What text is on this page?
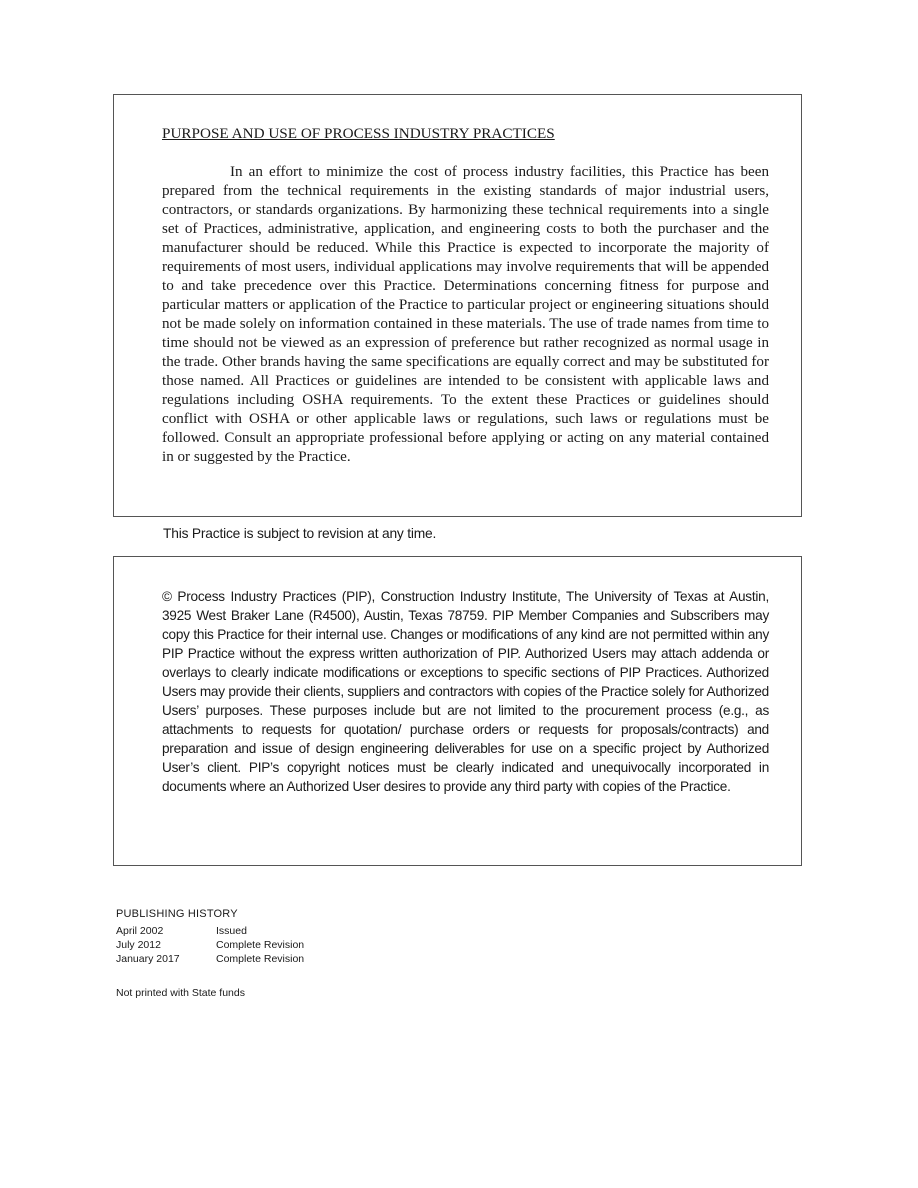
PURPOSE AND USE OF PROCESS INDUSTRY PRACTICES

In an effort to minimize the cost of process industry facilities, this Practice has been prepared from the technical requirements in the existing standards of major industrial users, contractors, or standards organizations. By harmonizing these technical requirements into a single set of Practices, administrative, application, and engineering costs to both the purchaser and the manufacturer should be reduced. While this Practice is expected to incorporate the majority of requirements of most users, individual applications may involve requirements that will be appended to and take precedence over this Practice. Determinations concerning fitness for purpose and particular matters or application of the Practice to particular project or engineering situations should not be made solely on information contained in these materials. The use of trade names from time to time should not be viewed as an expression of preference but rather recognized as normal usage in the trade. Other brands having the same specifications are equally correct and may be substituted for those named. All Practices or guidelines are intended to be consistent with applicable laws and regulations including OSHA requirements. To the extent these Practices or guidelines should conflict with OSHA or other applicable laws or regulations, such laws or regulations must be followed. Consult an appropriate professional before applying or acting on any material contained in or suggested by the Practice.

This Practice is subject to revision at any time.

© Process Industry Practices (PIP), Construction Industry Institute, The University of Texas at Austin, 3925 West Braker Lane (R4500), Austin, Texas 78759. PIP Member Companies and Subscribers may copy this Practice for their internal use. Changes or modifications of any kind are not permitted within any PIP Practice without the express written authorization of PIP. Authorized Users may attach addenda or overlays to clearly indicate modifications or exceptions to specific sections of PIP Practices. Authorized Users may provide their clients, suppliers and contractors with copies of the Practice solely for Authorized Users’ purposes. These purposes include but are not limited to the procurement process (e.g., as attachments to requests for quotation/ purchase orders or requests for proposals/contracts) and preparation and issue of design engineering deliverables for use on a specific project by Authorized User’s client. PIP’s copyright notices must be clearly indicated and unequivocally incorporated in documents where an Authorized User desires to provide any third party with copies of the Practice.

PUBLISHING HISTORY
April 2002	Issued
July 2012	Complete Revision
January 2017	Complete Revision
Not printed with State funds
